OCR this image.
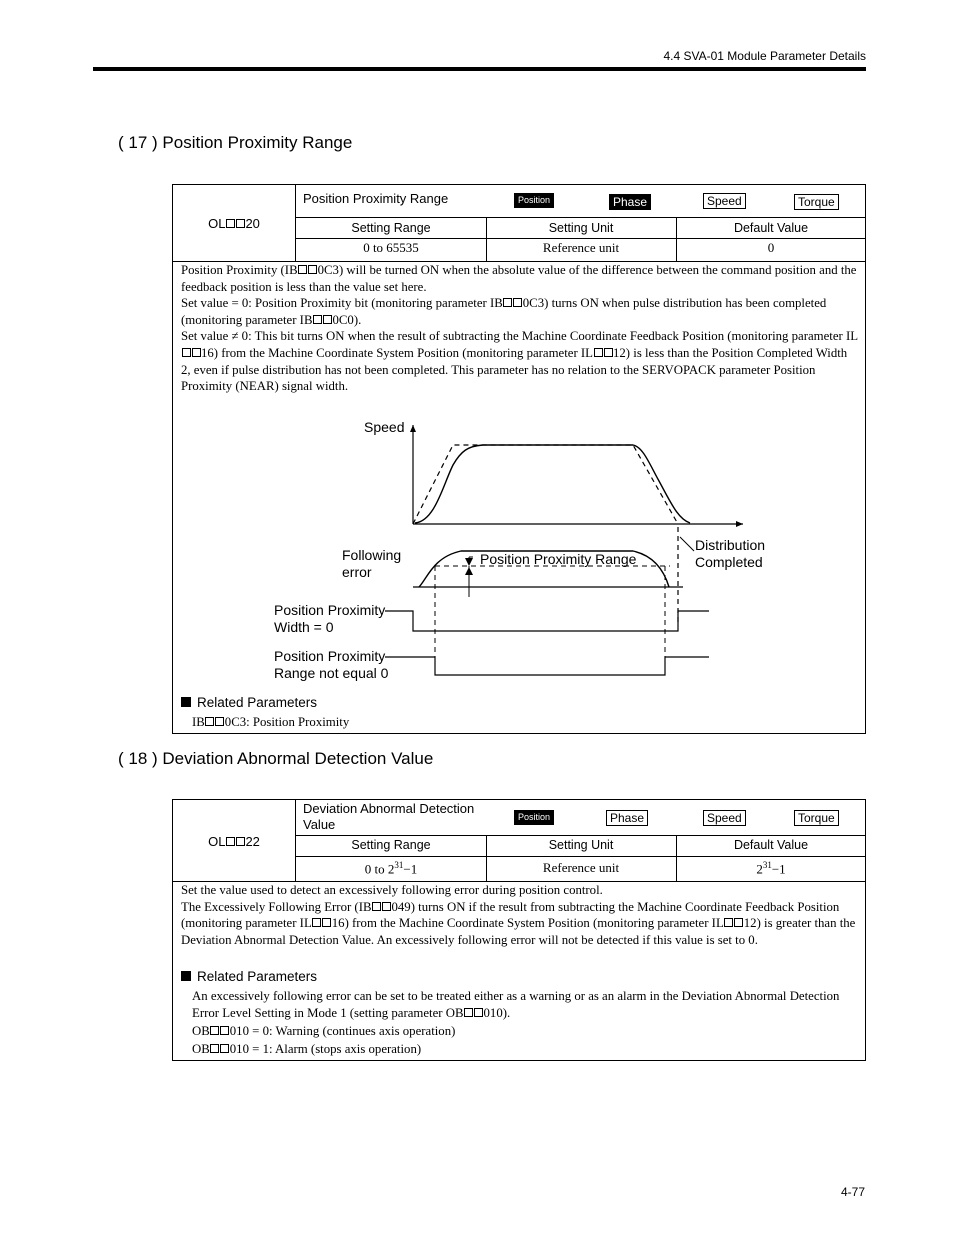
4.4 SVA-01 Module Parameter Details
( 17 ) Position Proximity Range
OL 20
Position Proximity Range	Position	Phase	Speed	Torque
Setting Range	Setting Unit	Default Value
0 to 65535	Reference unit	0
Position Proximity (IB 0C3) will be turned ON when the absolute value of the difference between the command position and the feedback position is less than the value set here.
Set value = 0: Position Proximity bit (monitoring parameter IB 0C3) turns ON when pulse distribution has been completed (monitoring parameter IB 0C0).
Set value ≠ 0: This bit turns ON when the result of subtracting the Machine Coordinate Feedback Position (monitoring parameter IL16) from the Machine Coordinate System Position (monitoring parameter IL 12) is less than the Position Completed Width 2, even if pulse distribution has not been completed. This parameter has no relation to the SERVOPACK parameter Position Proximity (NEAR) signal width.
Speed
Distribution
Completed
Position Proximity Range
Following
error
Position Proximity
Width = 0
Position Proximity
Range not equal 0
Related Parameters
IB 0C3: Position Proximity
( 18 ) Deviation Abnormal Detection Value
OL 22
Deviation Abnormal Detection
Value	Position	Phase	Speed	Torque
Setting Range	Setting Unit	Default Value
0 to $2^{31}-1$	Reference unit	$2^{31}-1$
Set the value used to detect an excessively following error during position control.
The Excessively Following Error (IB 049) turns ON if the result from subtracting the Machine Coordinate Feedback Position (monitoring parameter IL 16) from the Machine Coordinate System Position (monitoring parameter IL 12) is greater than the Deviation Abnormal Detection Value. An excessively following error will not be detected if this value is set to 0.
Related Parameters
An excessively following error can be set to be treated either as a warning or as an alarm in the Deviation Abnormal Detection Error Level Setting in Mode 1 (setting parameter OB 010).
OB 010 = 0: Warning (continues axis operation)
OB 010 = 1: Alarm (stops axis operation)
4-77
